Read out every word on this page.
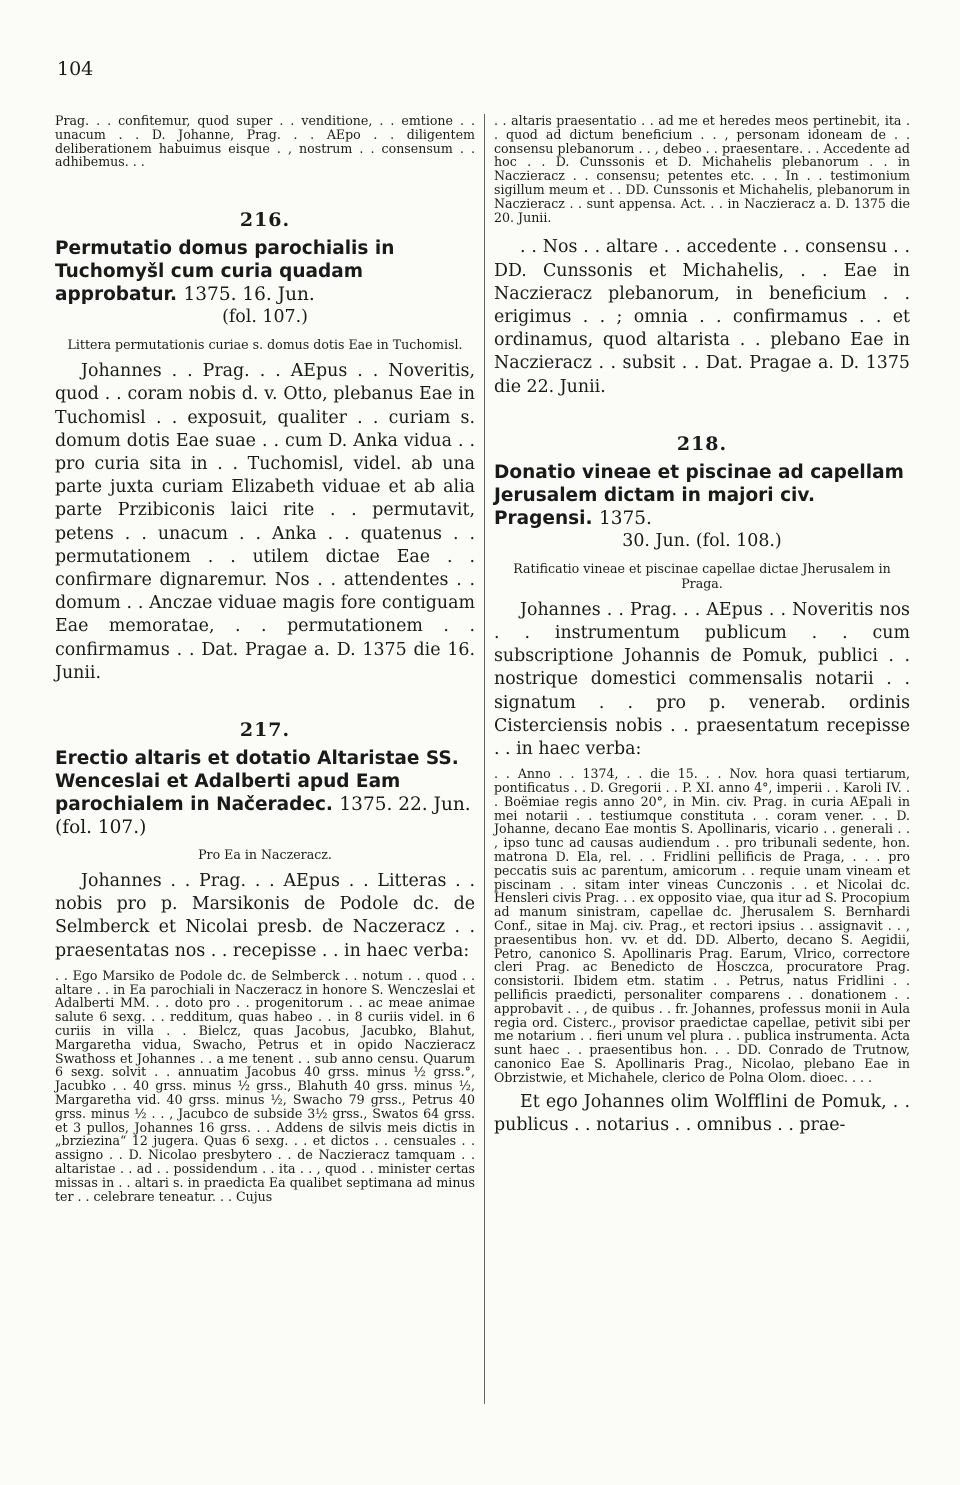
104

Prag. . . confitemur, quod super . . venditione, . . emtione . . unacum . . D. Johanne, Prag. . . AEpo . . diligentem deliberationem habuimus eisque . , nostrum . . consensum . . adhibemus. . .

216.

Permutatio domus parochialis in Tuchomyšl cum curia quadam approbatur. 1375. 16. Jun.

(fol. 107.)

Littera permutationis curiae s. domus dotis Eae in Tuchomisl.

Johannes . . Prag. . . AEpus . . Noveritis, quod . . coram nobis d. v. Otto, plebanus Eae in Tuchomisl . . exposuit, qualiter . . curiam s. domum dotis Eae suae . . cum D. Anka vidua . . pro curia sita in . . Tuchomisl, videl. ab una parte juxta curiam Elizabeth viduae et ab alia parte Przibiconis laici rite . . permutavit, petens . . unacum . . Anka . . quatenus . . permutationem . . utilem dictae Eae . . confirmare dignaremur. Nos . . attendentes . . domum . . Anczae viduae magis fore contiguam Eae memoratae, . . permutationem . . confirmamus . . Dat. Pragae a. D. 1375 die 16. Junii.

217.

Erectio altaris et dotatio Altaristae SS. Wenceslai et Adalberti apud Eam parochialem in Načeradec. 1375. 22. Jun. (fol. 107.)

Pro Ea in Naczeracz.

Johannes . . Prag. . . AEpus . . Litteras . . nobis pro p. Marsikonis de Podole dc. de Selmberck et Nicolai presb. de Naczeracz . . praesentatas nos . . recepisse . . in haec verba:

. . Ego Marsiko de Podole dc. de Selmberck . . notum . . quod . . altare . . in Ea parochiali in Naczeracz in honore S. Wenczeslai et Adalberti MM. . . doto pro . . progenitorum . . ac meae animae salute 6 sexg. . . redditum, quas habeo . . in 8 curiis videl. in 6 curiis in villa . . Bielcz, quas Jacobus, Jacubko, Blahut, Margaretha vidua, Swacho, Petrus et in opido Naczieracz Swathoss et Johannes . . a me tenent . . sub anno censu. Quarum 6 sexg. solvit . . annuatim Jacobus 40 grss. minus ½ grss.°, Jacubko . . 40 grss. minus ½ grss., Blahuth 40 grss. minus ½, Margaretha vid. 40 grss. minus ½, Swacho 79 grss., Petrus 40 grss. minus ½ . . , Jacubco de subside 3½ grss., Swatos 64 grss. et 3 pullos, Johannes 16 grss. . . Addens de silvis meis dictis in „brziezina“ 12 jugera. Quas 6 sexg. . . et dictos . . censuales . . assigno . . D. Nicolao presbytero . . de Naczieracz tamquam . . altaristae . . ad . . possidendum . . ita . . , quod . . minister certas missas in . . altari s. in praedicta Ea qualibet septimana ad minus ter . . celebrare teneatur. . . Cujus

. . altaris praesentatio . . ad me et heredes meos pertinebit, ita . . quod ad dictum beneficium . . , personam idoneam de . . consensu plebanorum . . , debeo . . praesentare. . . Accedente ad hoc . . D. Cunssonis et D. Michahelis plebanorum . . in Naczieracz . . consensu; petentes etc. . . In . . testimonium sigillum meum et . . DD. Cunssonis et Michahelis, plebanorum in Naczieracz . . sunt appensa. Act. . . in Naczieracz a. D. 1375 die 20. Junii.

. . Nos . . altare . . accedente . . consensu . . DD. Cunssonis et Michahelis, . . Eae in Naczieracz plebanorum, in beneficium . . erigimus . . ; omnia . . confirmamus . . et ordinamus, quod altarista . . plebano Eae in Naczieracz . . subsit . . Dat. Pragae a. D. 1375 die 22. Junii.

218.

Donatio vineae et piscinae ad capellam Jerusalem dictam in majori civ. Pragensi. 1375.

30. Jun. (fol. 108.)

Ratificatio vineae et piscinae capellae dictae Jherusalem in Praga.

Johannes . . Prag. . . AEpus . . Noveritis nos . . instrumentum publicum . . cum subscriptione Johannis de Pomuk, publici . . nostrique domestici commensalis notarii . . signatum . . pro p. venerab. ordinis Cisterciensis nobis . . praesentatum recepisse . . in haec verba:

. . Anno . . 1374, . . die 15. . . Nov. hora quasi tertiarum, pontificatus . . D. Gregorii . . P. XI. anno 4°, imperii . . Karoli IV. . . Boëmiae regis anno 20°, in Min. civ. Prag. in curia AEpali in mei notarii . . testiumque constituta . . coram vener. . . D. Johanne, decano Eae montis S. Apollinaris, vicario . . generali . . , ipso tunc ad causas audiendum . . pro tribunali sedente, hon. matrona D. Ela, rel. . . Fridlini pellificis de Praga, . . . pro peccatis suis ac parentum, amicorum . . requie unam vineam et piscinam . . sitam inter vineas Cunczonis . . et Nicolai dc. Hensleri civis Prag. . . ex opposito viae, qua itur ad S. Procopium ad manum sinistram, capellae dc. Jherusalem S. Bernhardi Conf., sitae in Maj. civ. Prag., et rectori ipsius . . assignavit . . , praesentibus hon. vv. et dd. DD. Alberto, decano S. Aegidii, Petro, canonico S. Apollinaris Prag. Earum, Vlrico, correctore cleri Prag. ac Benedicto de Hosczca, procuratore Prag. consistorii. Ibidem etm. statim . . Petrus, natus Fridlini . . pellificis praedicti, personaliter comparens . . donationem . . approbavit . . , de quibus . . fr. Johannes, professus monii in Aula regia ord. Cisterc., provisor praedictae capellae, petivit sibi per me notarium . . fieri unum vel plura . . publica instrumenta. Acta sunt haec . . praesentibus hon. . . DD. Conrado de Trutnow, canonico Eae S. Apollinaris Prag., Nicolao, plebano Eae in Obrzistwie, et Michahele, clerico de Polna Olom. dioec. . . .

Et ego Johannes olim Wolfflini de Pomuk, . . publicus . . notarius . . omnibus . . prae-
